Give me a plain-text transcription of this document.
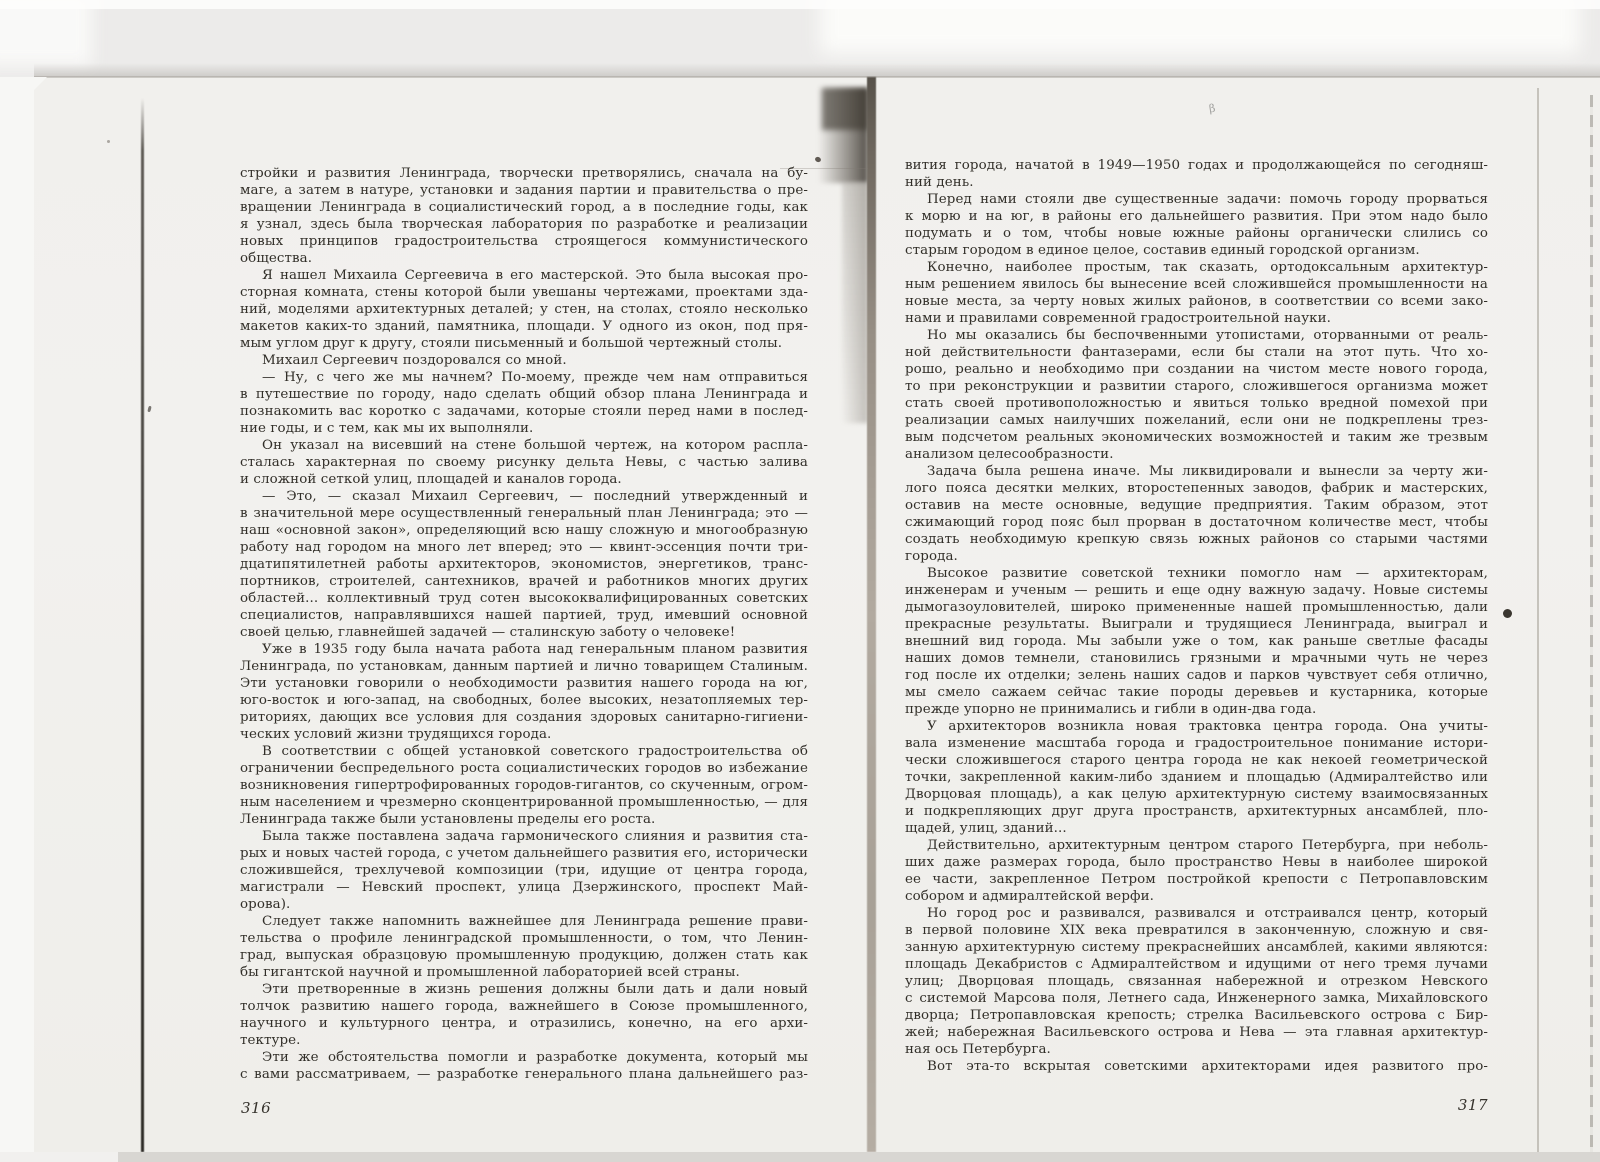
стройки и развития Ленинграда, творчески претворялись, сначала на бу-
маге, а затем в натуре, установки и задания партии и правительства о пре-
вращении Ленинграда в социалистический город, а в последние годы, как
я узнал, здесь была творческая лаборатория по разработке и реализации
новых принципов градостроительства строящегося коммунистического
общества.
Я нашел Михаила Сергеевича в его мастерской. Это была высокая про-
сторная комната, стены которой были увешаны чертежами, проектами зда-
ний, моделями архитектурных деталей; у стен, на столах, стояло несколько
макетов каких-то зданий, памятника, площади. У одного из окон, под пря-
мым углом друг к другу, стояли письменный и большой чертежный столы.
Михаил Сергеевич поздоровался со мной.
— Ну, с чего же мы начнем? По-моему, прежде чем нам отправиться
в путешествие по городу, надо сделать общий обзор плана Ленинграда и
познакомить вас коротко с задачами, которые стояли перед нами в послед-
ние годы, и с тем, как мы их выполняли.
Он указал на висевший на стене большой чертеж, на котором распла-
сталась характерная по своему рисунку дельта Невы, с частью залива
и сложной сеткой улиц, площадей и каналов города.
— Это, — сказал Михаил Сергеевич, — последний утвержденный и
в значительной мере осуществленный генеральный план Ленинграда; это —
наш «основной закон», определяющий всю нашу сложную и многообразную
работу над городом на много лет вперед; это — квинт-эссенция почти три-
дцатипятилетней работы архитекторов, экономистов, энергетиков, транс-
портников, строителей, сантехников, врачей и работников многих других
областей... коллективный труд сотен высококвалифицированных советских
специалистов, направлявшихся нашей партией, труд, имевший основной
своей целью, главнейшей задачей — сталинскую заботу о человеке!
Уже в 1935 году была начата работа над генеральным планом развития
Ленинграда, по установкам, данным партией и лично товарищем Сталиным.
Эти установки говорили о необходимости развития нашего города на юг,
юго-восток и юго-запад, на свободных, более высоких, незатопляемых тер-
риториях, дающих все условия для создания здоровых санитарно-гигиени-
ческих условий жизни трудящихся города.
В соответствии с общей установкой советского градостроительства об
ограничении беспредельного роста социалистических городов во избежание
возникновения гипертрофированных городов-гигантов, со скученным, огром-
ным населением и чрезмерно сконцентрированной промышленностью, — для
Ленинграда также были установлены пределы его роста.
Была также поставлена задача гармонического слияния и развития ста-
рых и новых частей города, с учетом дальнейшего развития его, исторически
сложившейся, трехлучевой композиции (три, идущие от центра города,
магистрали — Невский проспект, улица Дзержинского, проспект Май-
орова).
Следует также напомнить важнейшее для Ленинграда решение прави-
тельства о профиле ленинградской промышленности, о том, что Ленин-
град, выпуская образцовую промышленную продукцию, должен стать как
бы гигантской научной и промышленной лабораторией всей страны.
Эти претворенные в жизнь решения должны были дать и дали новый
толчок развитию нашего города, важнейшего в Союзе промышленного,
научного и культурного центра, и отразились, конечно, на его архи-
тектуре.
Эти же обстоятельства помогли и разработке документа, который мы
с вами рассматриваем, — разработке генерального плана дальнейшего раз-
316
вития города, начатой в 1949—1950 годах и продолжающейся по сегодняш-
ний день.
Перед нами стояли две существенные задачи: помочь городу прорваться
к морю и на юг, в районы его дальнейшего развития. При этом надо было
подумать и о том, чтобы новые южные районы органически слились со
старым городом в единое целое, составив единый городской организм.
Конечно, наиболее простым, так сказать, ортодоксальным архитектур-
ным решением явилось бы вынесение всей сложившейся промышленности на
новые места, за черту новых жилых районов, в соответствии со всеми зако-
нами и правилами современной градостроительной науки.
Но мы оказались бы беспочвенными утопистами, оторванными от реаль-
ной действительности фантазерами, если бы стали на этот путь. Что хо-
рошо, реально и необходимо при создании на чистом месте нового города,
то при реконструкции и развитии старого, сложившегося организма может
стать своей противоположностью и явиться только вредной помехой при
реализации самых наилучших пожеланий, если они не подкреплены трез-
вым подсчетом реальных экономических возможностей и таким же трезвым
анализом целесообразности.
Задача была решена иначе. Мы ликвидировали и вынесли за черту жи-
лого пояса десятки мелких, второстепенных заводов, фабрик и мастерских,
оставив на месте основные, ведущие предприятия. Таким образом, этот
сжимающий город пояс был прорван в достаточном количестве мест, чтобы
создать необходимую крепкую связь южных районов со старыми частями
города.
Высокое развитие советской техники помогло нам — архитекторам,
инженерам и ученым — решить и еще одну важную задачу. Новые системы
дымогазоуловителей, широко примененные нашей промышленностью, дали
прекрасные результаты. Выиграли и трудящиеся Ленинграда, выиграл и
внешний вид города. Мы забыли уже о том, как раньше светлые фасады
наших домов темнели, становились грязными и мрачными чуть не через
год после их отделки; зелень наших садов и парков чувствует себя отлично,
мы смело сажаем сейчас такие породы деревьев и кустарника, которые
прежде упорно не принимались и гибли в один-два года.
У архитекторов возникла новая трактовка центра города. Она учиты-
вала изменение масштаба города и градостроительное понимание истори-
чески сложившегося старого центра города не как некоей геометрической
точки, закрепленной каким-либо зданием и площадью (Адмиралтейство или
Дворцовая площадь), а как целую архитектурную систему взаимосвязанных
и подкрепляющих друг друга пространств, архитектурных ансамблей, пло-
щадей, улиц, зданий...
Действительно, архитектурным центром старого Петербурга, при неболь-
ших даже размерах города, было пространство Невы в наиболее широкой
ее части, закрепленное Петром постройкой крепости с Петропавловским
собором и адмиралтейской верфи.
Но город рос и развивался, развивался и отстраивался центр, который
в первой половине XIX века превратился в законченную, сложную и свя-
занную архитектурную систему прекраснейших ансамблей, какими являются:
площадь Декабристов с Адмиралтейством и идущими от него тремя лучами
улиц; Дворцовая площадь, связанная набережной и отрезком Невского
с системой Марсова поля, Летнего сада, Инженерного замка, Михайловского
дворца; Петропавловская крепость; стрелка Васильевского острова с Бир-
жей; набережная Васильевского острова и Нева — эта главная архитектур-
ная ось Петербурга.
Вот эта-то вскрытая советскими архитекторами идея развитого про-
317
β
